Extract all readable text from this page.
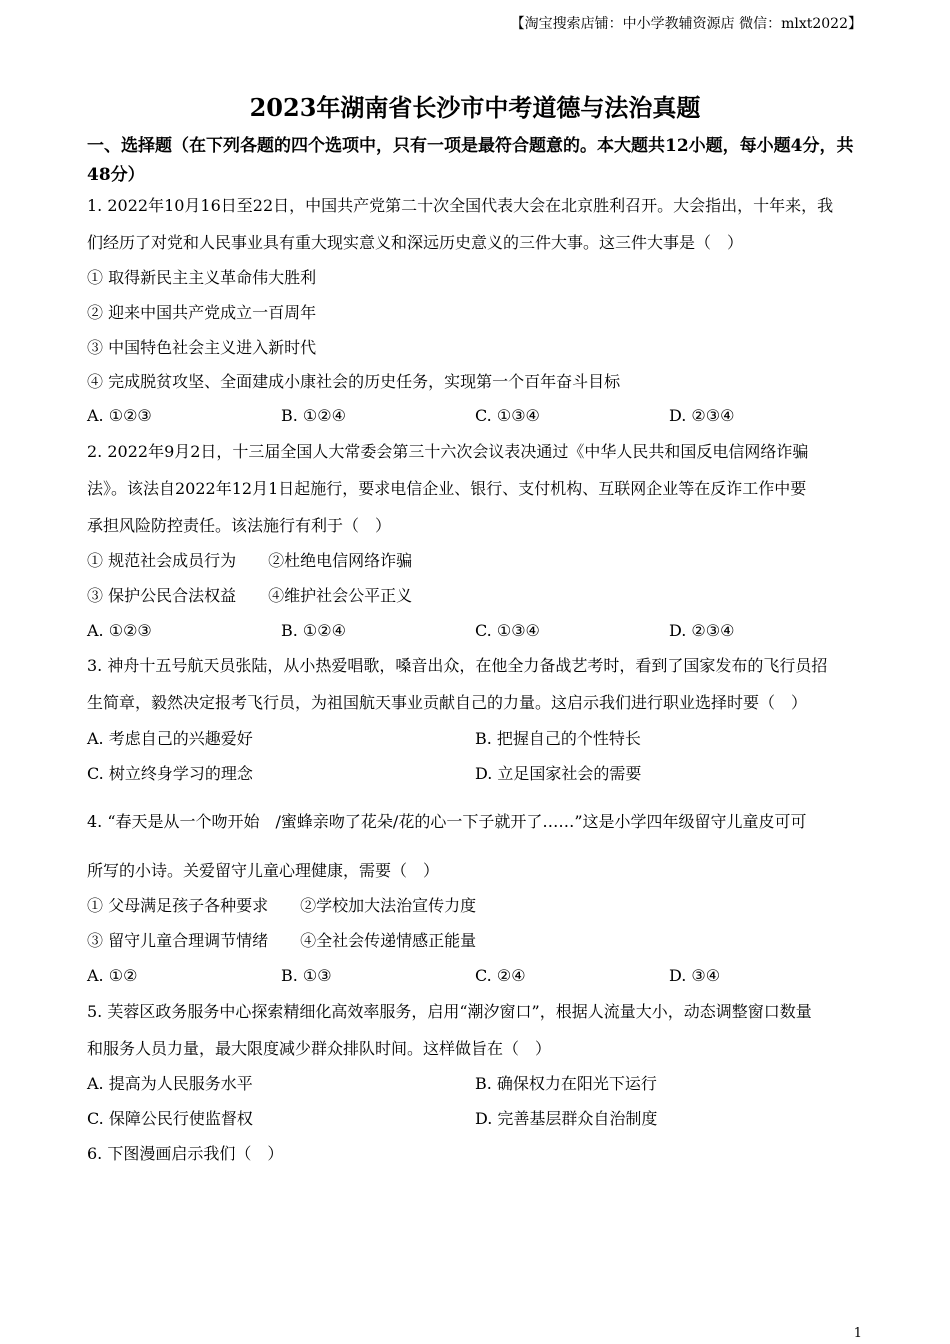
【淘宝搜索店铺：中小学教辅资源店 微信：mlxt2022】
2023年湖南省长沙市中考道德与法治真题
一、选择题（在下列各题的四个选项中，只有一项是最符合题意的。本大题共12小题，每小题4分，共48分）
1. 2022年10月16日至22日，中国共产党第二十次全国代表大会在北京胜利召开。大会指出，十年来，我
们经历了对党和人民事业具有重大现实意义和深远历史意义的三件大事。这三件大事是（　）
① 取得新民主主义革命伟大胜利
② 迎来中国共产党成立一百周年
③ 中国特色社会主义进入新时代
④ 完成脱贫攻坚、全面建成小康社会的历史任务，实现第一个百年奋斗目标
A. ①②③	B. ①②④	C. ①③④	D. ②③④
2. 2022年9月2日，十三届全国人大常委会第三十六次会议表决通过《中华人民共和国反电信网络诈骗
法》。该法自2022年12月1日起施行，要求电信企业、银行、支付机构、互联网企业等在反诈工作中要
承担风险防控责任。该法施行有利于（　）
① 规范社会成员行为　　②杜绝电信网络诈骗
③ 保护公民合法权益　　④维护社会公平正义
A. ①②③	B. ①②④	C. ①③④	D. ②③④
3. 神舟十五号航天员张陆，从小热爱唱歌，嗓音出众，在他全力备战艺考时，看到了国家发布的飞行员招
生简章，毅然决定报考飞行员，为祖国航天事业贡献自己的力量。这启示我们进行职业选择时要（　）
A. 考虑自己的兴趣爱好	B. 把握自己的个性特长
C. 树立终身学习的理念	D. 立足国家社会的需要
4. “春天是从一个吻开始　/蜜蜂亲吻了花朵/花的心一下子就开了……”这是小学四年级留守儿童皮可可
所写的小诗。关爱留守儿童心理健康，需要（　）
① 父母满足孩子各种要求　　②学校加大法治宣传力度
③ 留守儿童合理调节情绪　　④全社会传递情感正能量
A. ①②	B. ①③	C. ②④	D. ③④
5. 芙蓉区政务服务中心探索精细化高效率服务，启用“潮汐窗口”，根据人流量大小，动态调整窗口数量
和服务人员力量，最大限度减少群众排队时间。这样做旨在（　）
A. 提高为人民服务水平	B. 确保权力在阳光下运行
C. 保障公民行使监督权	D. 完善基层群众自治制度
6. 下图漫画启示我们（　）
1
